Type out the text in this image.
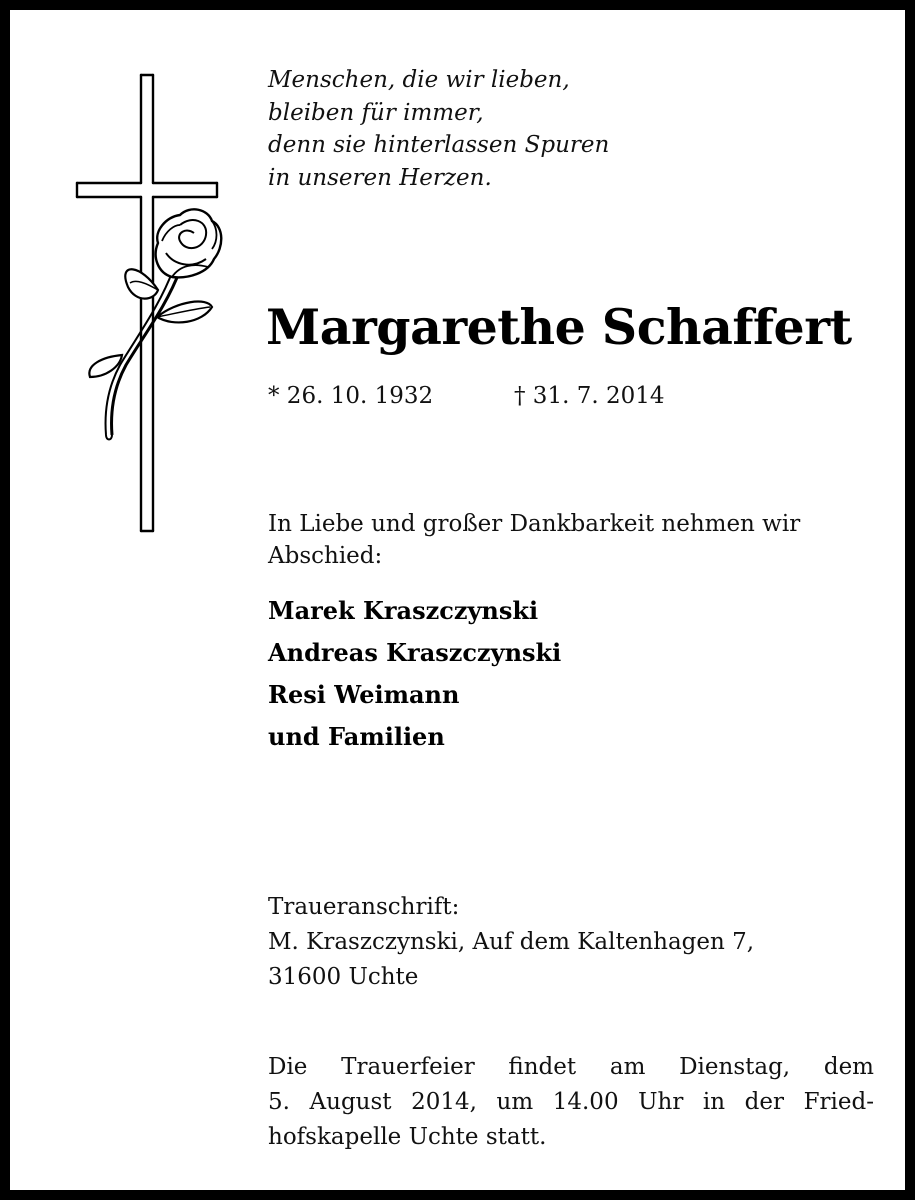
Menschen, die wir lieben,
bleiben für immer,
denn sie hinterlassen Spuren
in unseren Herzen.
Margarethe Schaffert
* 26. 10. 1932	† 31. 7. 2014
In Liebe und großer Dankbarkeit nehmen wir Abschied:
Marek Kraszczynski
Andreas Kraszczynski
Resi Weimann
und Familien
Traueranschrift:
M. Kraszczynski, Auf dem Kaltenhagen 7,
31600 Uchte
Die Trauerfeier findet am Dienstag, dem
5. August 2014, um 14.00 Uhr in der Fried-
hofskapelle Uchte statt.
